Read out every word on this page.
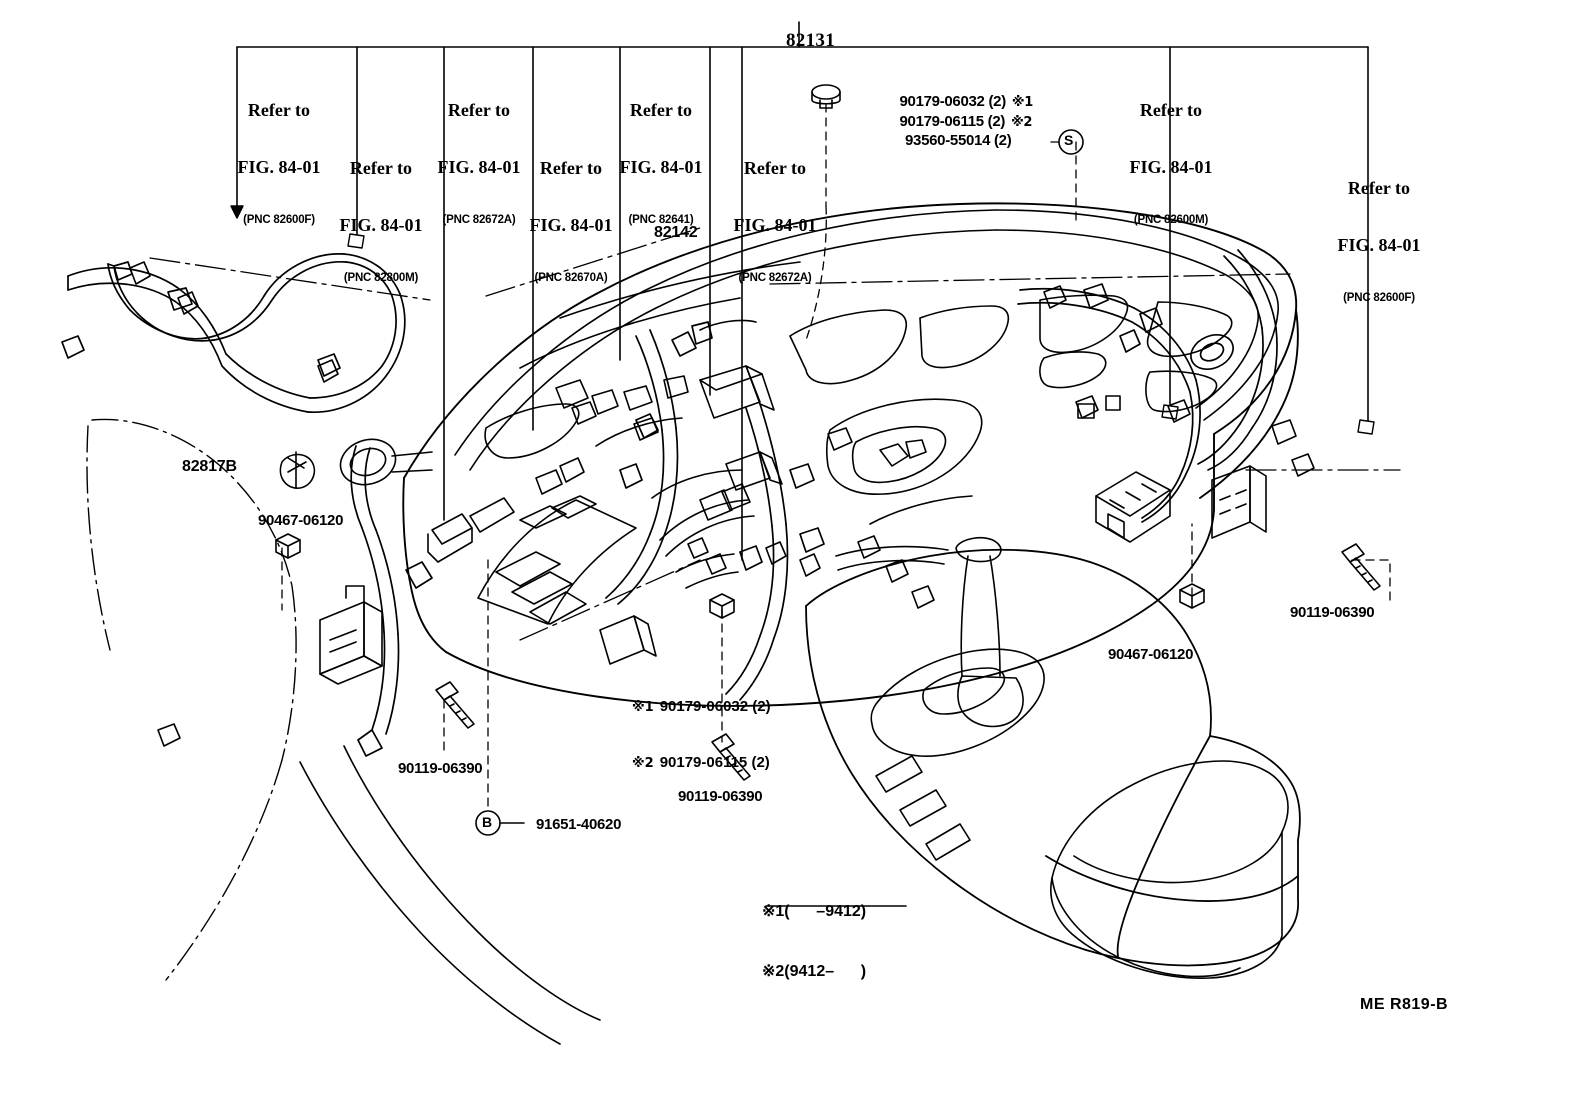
82131

Refer to

FIG. 84-01

(PNC 82600F)

Refer to

FIG. 84-01

(PNC 82800M)

Refer to

FIG. 84-01

(PNC 82672A)

Refer to

FIG. 84-01

(PNC 82670A)

Refer to

FIG. 84-01

(PNC 82641)

Refer to

FIG. 84-01

(PNC 82672A)

Refer to

FIG. 84-01

(PNC 82600M)

Refer to

FIG. 84-01

(PNC 82600F)

90179-06032 (2) ※1

90179-06115 (2) ※2

93560-55014 (2)	S
82142
82817B
90467-06120
90467-06120
90119-06390

※1 90179-06032 (2)

※2 90179-06115 (2)

90119-06390
90119-06390
91651-40620
B

※1(      –9412)

※2(9412–      )

ME R819-B
